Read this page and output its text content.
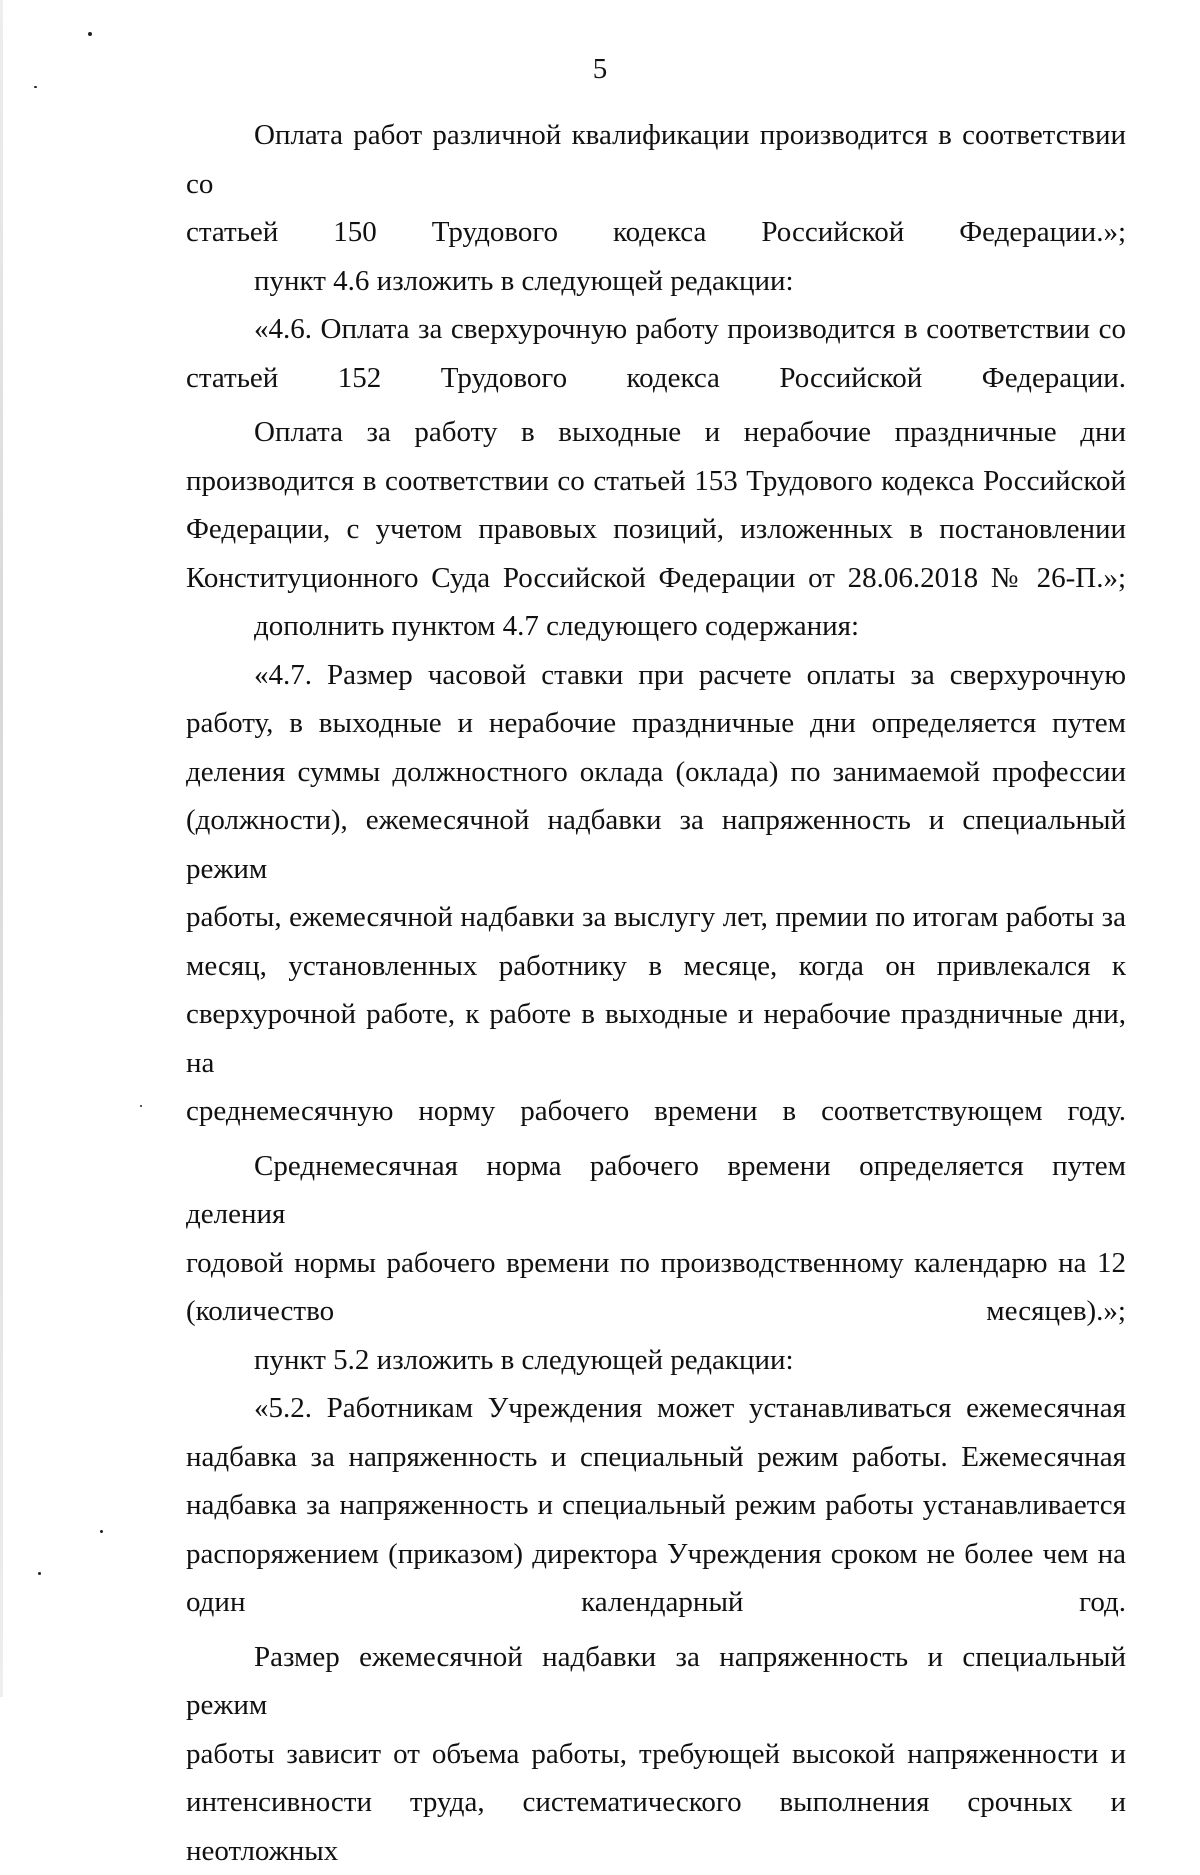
5

Оплата работ различной квалификации производится в соответствии со
статьей 150 Трудового кодекса Российской Федерации.»;

пункт 4.6 изложить в следующей редакции:

«4.6. Оплата за сверхурочную работу производится в соответствии со
статьей 152 Трудового кодекса Российской Федерации.

Оплата за работу в выходные и нерабочие праздничные дни
производится в соответствии со статьей 153 Трудового кодекса Российской
Федерации, с учетом правовых позиций, изложенных в постановлении
Конституционного Суда Российской Федерации от 28.06.2018 № 26-П.»;

дополнить пунктом 4.7 следующего содержания:

«4.7. Размер часовой ставки при расчете оплаты за сверхурочную
работу, в выходные и нерабочие праздничные дни определяется путем
деления суммы должностного оклада (оклада) по занимаемой профессии
(должности), ежемесячной надбавки за напряженность и специальный режим
работы, ежемесячной надбавки за выслугу лет, премии по итогам работы за
месяц, установленных работнику в месяце, когда он привлекался к
сверхурочной работе, к работе в выходные и нерабочие праздничные дни, на
среднемесячную норму рабочего времени в соответствующем году.

Среднемесячная норма рабочего времени определяется путем деления
годовой нормы рабочего времени по производственному календарю на 12
(количество месяцев).»;

пункт 5.2 изложить в следующей редакции:

«5.2. Работникам Учреждения может устанавливаться ежемесячная
надбавка за напряженность и специальный режим работы. Ежемесячная
надбавка за напряженность и специальный режим работы устанавливается
распоряжением (приказом) директора Учреждения сроком не более чем на
один календарный год.

Размер ежемесячной надбавки за напряженность и специальный режим
работы зависит от объема работы, требующей высокой напряженности и
интенсивности труда, систематического выполнения срочных и неотложных
